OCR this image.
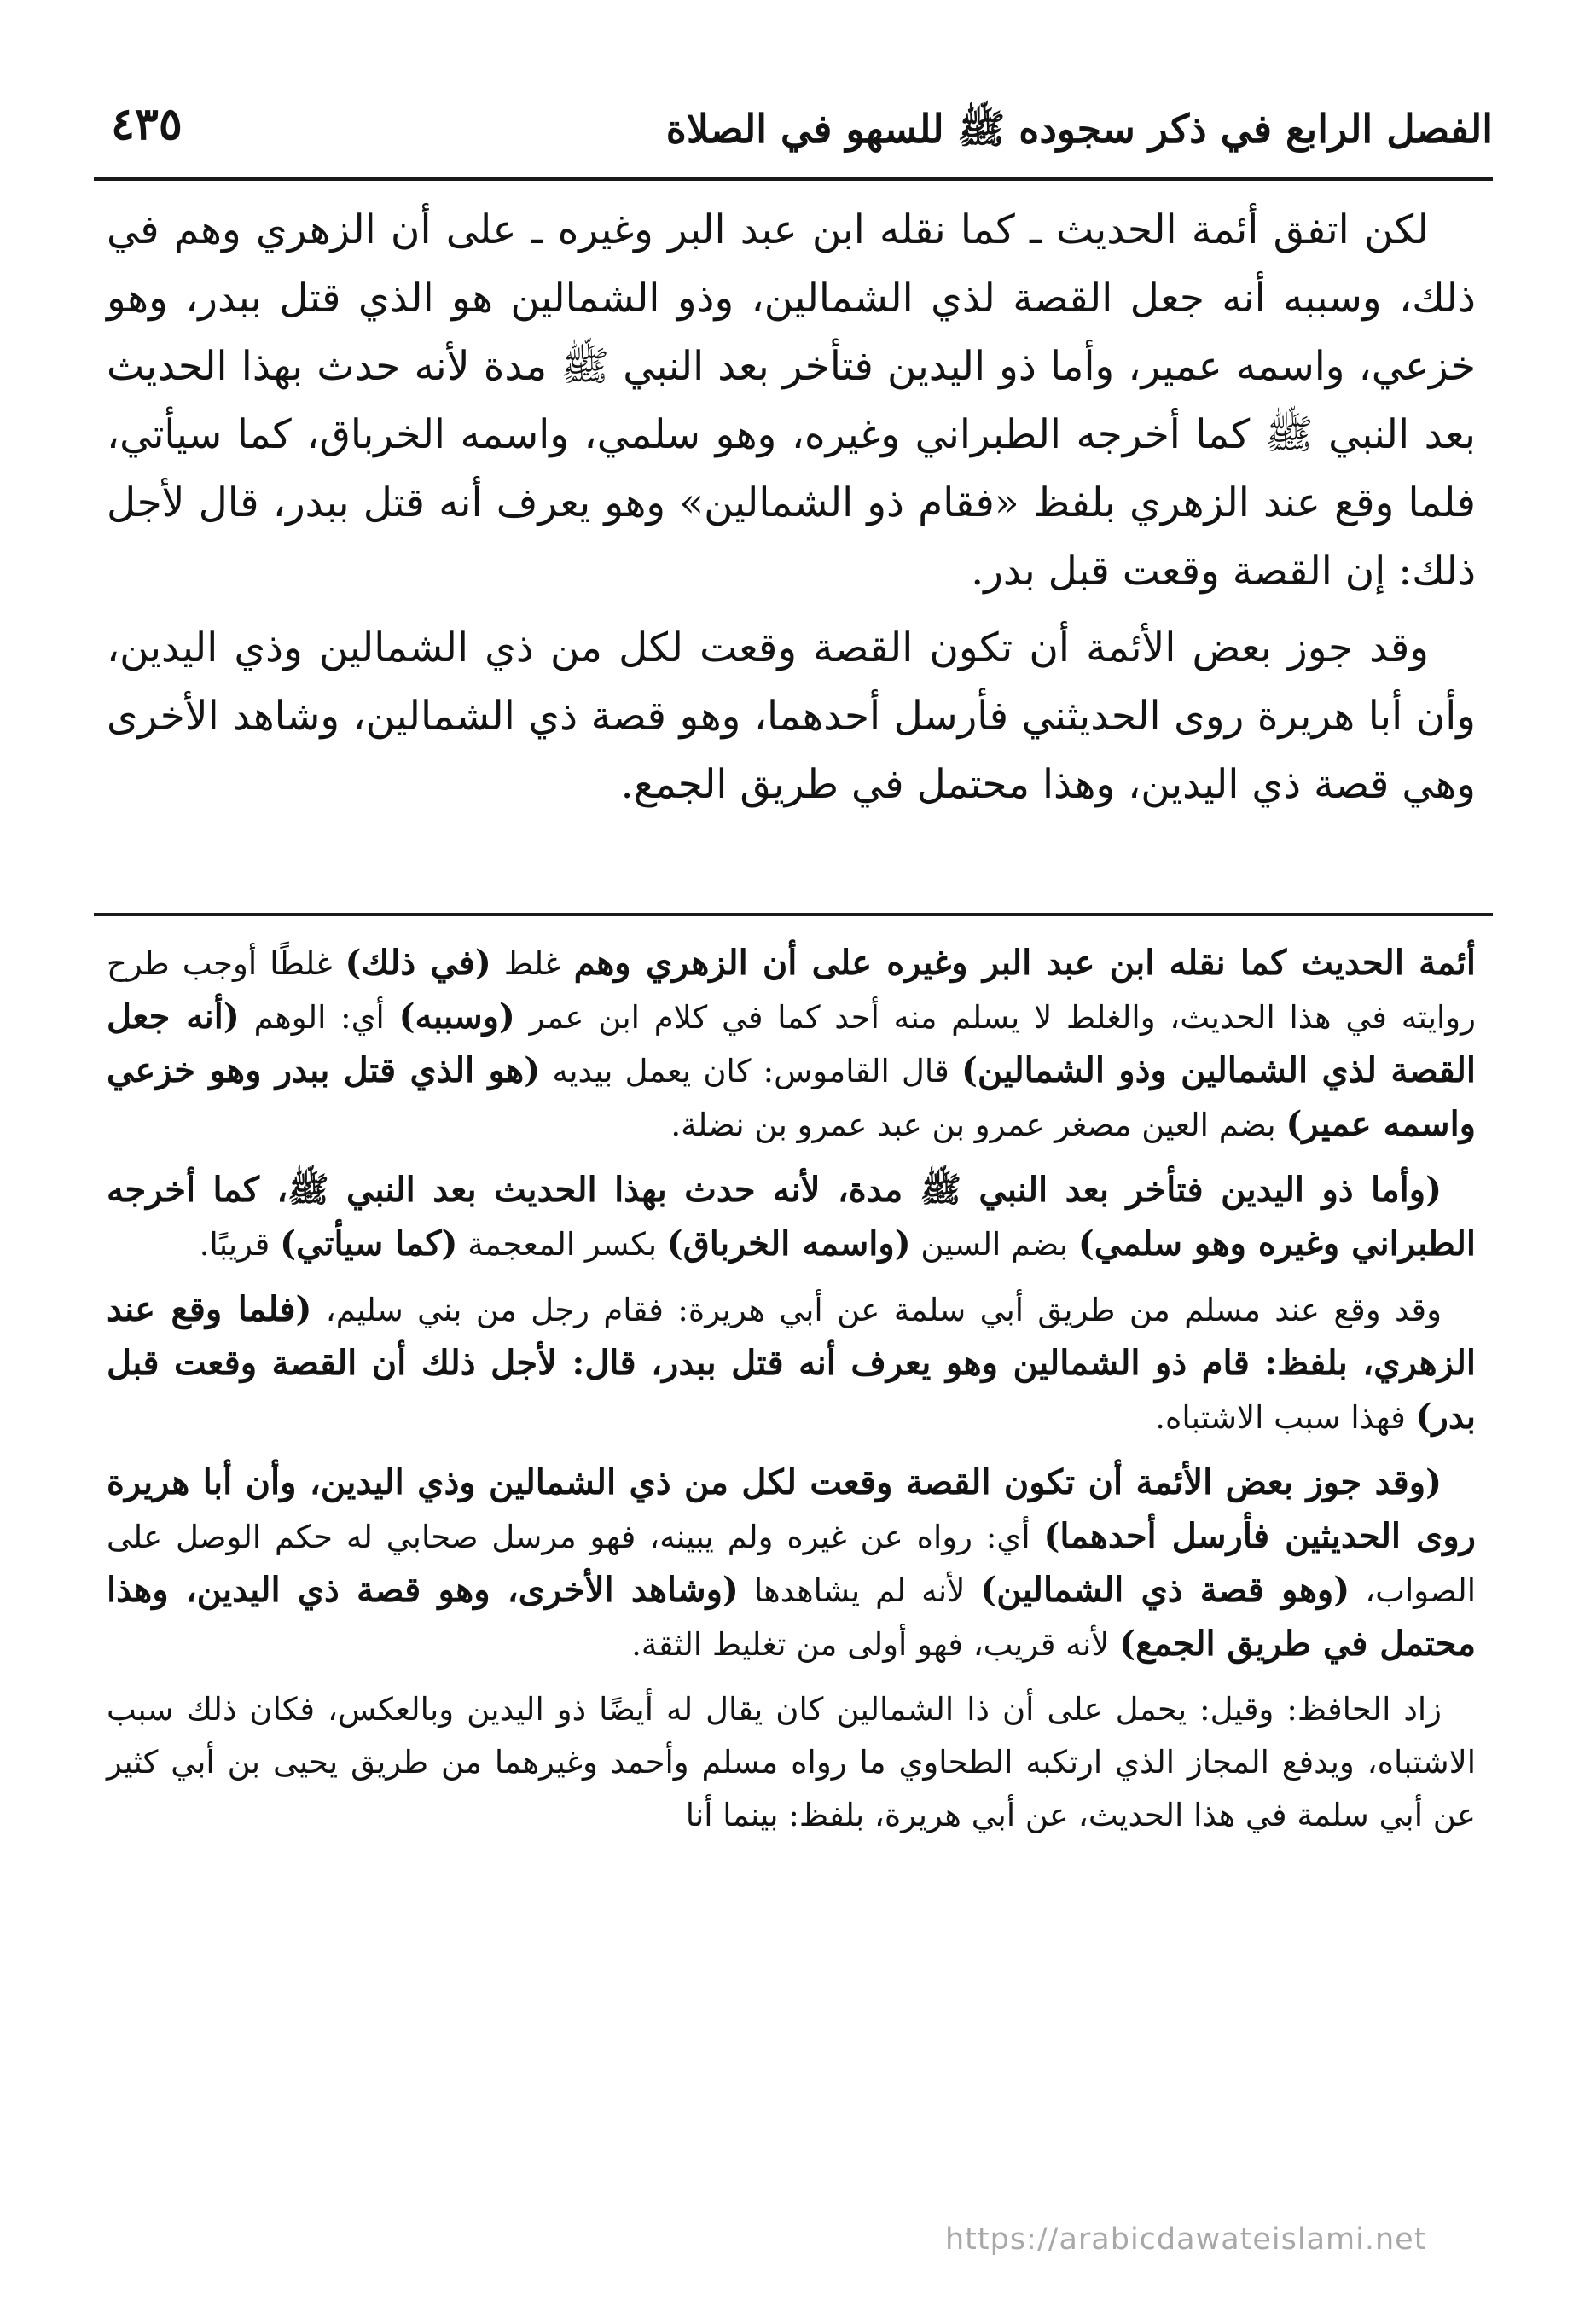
الفصل الرابع في ذكر سجوده ﷺ للسهو في الصلاة
٤٣٥

لكن اتفق أئمة الحديث ـ كما نقله ابن عبد البر وغيره ـ على أن الزهري وهم في ذلك، وسببه أنه جعل القصة لذي الشمالين، وذو الشمالين هو الذي قتل ببدر، وهو خزعي، واسمه عمير، وأما ذو اليدين فتأخر بعد النبي ﷺ مدة لأنه حدث بهذا الحديث بعد النبي ﷺ كما أخرجه الطبراني وغيره، وهو سلمي، واسمه الخرباق، كما سيأتي، فلما وقع عند الزهري بلفظ «فقام ذو الشمالين» وهو يعرف أنه قتل ببدر، قال لأجل ذلك: إن القصة وقعت قبل بدر.

وقد جوز بعض الأئمة أن تكون القصة وقعت لكل من ذي الشمالين وذي اليدين، وأن أبا هريرة روى الحديثني فأرسل أحدهما، وهو قصة ذي الشمالين، وشاهد الأخرى وهي قصة ذي اليدين، وهذا محتمل في طريق الجمع.

أئمة الحديث كما نقله ابن عبد البر وغيره على أن الزهري وهم غلط (في ذلك) غلطًا أوجب طرح روايته في هذا الحديث، والغلط لا يسلم منه أحد كما في كلام ابن عمر (وسببه) أي: الوهم (أنه جعل القصة لذي الشمالين وذو الشمالين) قال القاموس: كان يعمل بيديه (هو الذي قتل ببدر وهو خزعي واسمه عمير) بضم العين مصغر عمرو بن عبد عمرو بن نضلة.

(وأما ذو اليدين فتأخر بعد النبي ﷺ مدة، لأنه حدث بهذا الحديث بعد النبي ﷺ، كما أخرجه الطبراني وغيره وهو سلمي) بضم السين (واسمه الخرباق) بكسر المعجمة (كما سيأتي) قريبًا.

وقد وقع عند مسلم من طريق أبي سلمة عن أبي هريرة: فقام رجل من بني سليم، (فلما وقع عند الزهري، بلفظ: قام ذو الشمالين وهو يعرف أنه قتل ببدر، قال: لأجل ذلك أن القصة وقعت قبل بدر) فهذا سبب الاشتباه.

(وقد جوز بعض الأئمة أن تكون القصة وقعت لكل من ذي الشمالين وذي اليدين، وأن أبا هريرة روى الحديثين فأرسل أحدهما) أي: رواه عن غيره ولم يبينه، فهو مرسل صحابي له حكم الوصل على الصواب، (وهو قصة ذي الشمالين) لأنه لم يشاهدها (وشاهد الأخرى، وهو قصة ذي اليدين، وهذا محتمل في طريق الجمع) لأنه قريب، فهو أولى من تغليط الثقة.

زاد الحافظ: وقيل: يحمل على أن ذا الشمالين كان يقال له أيضًا ذو اليدين وبالعكس، فكان ذلك سبب الاشتباه، ويدفع المجاز الذي ارتكبه الطحاوي ما رواه مسلم وأحمد وغيرهما من طريق يحيى بن أبي كثير عن أبي سلمة في هذا الحديث، عن أبي هريرة، بلفظ: بينما أنا

https://arabicdawateislami.net
